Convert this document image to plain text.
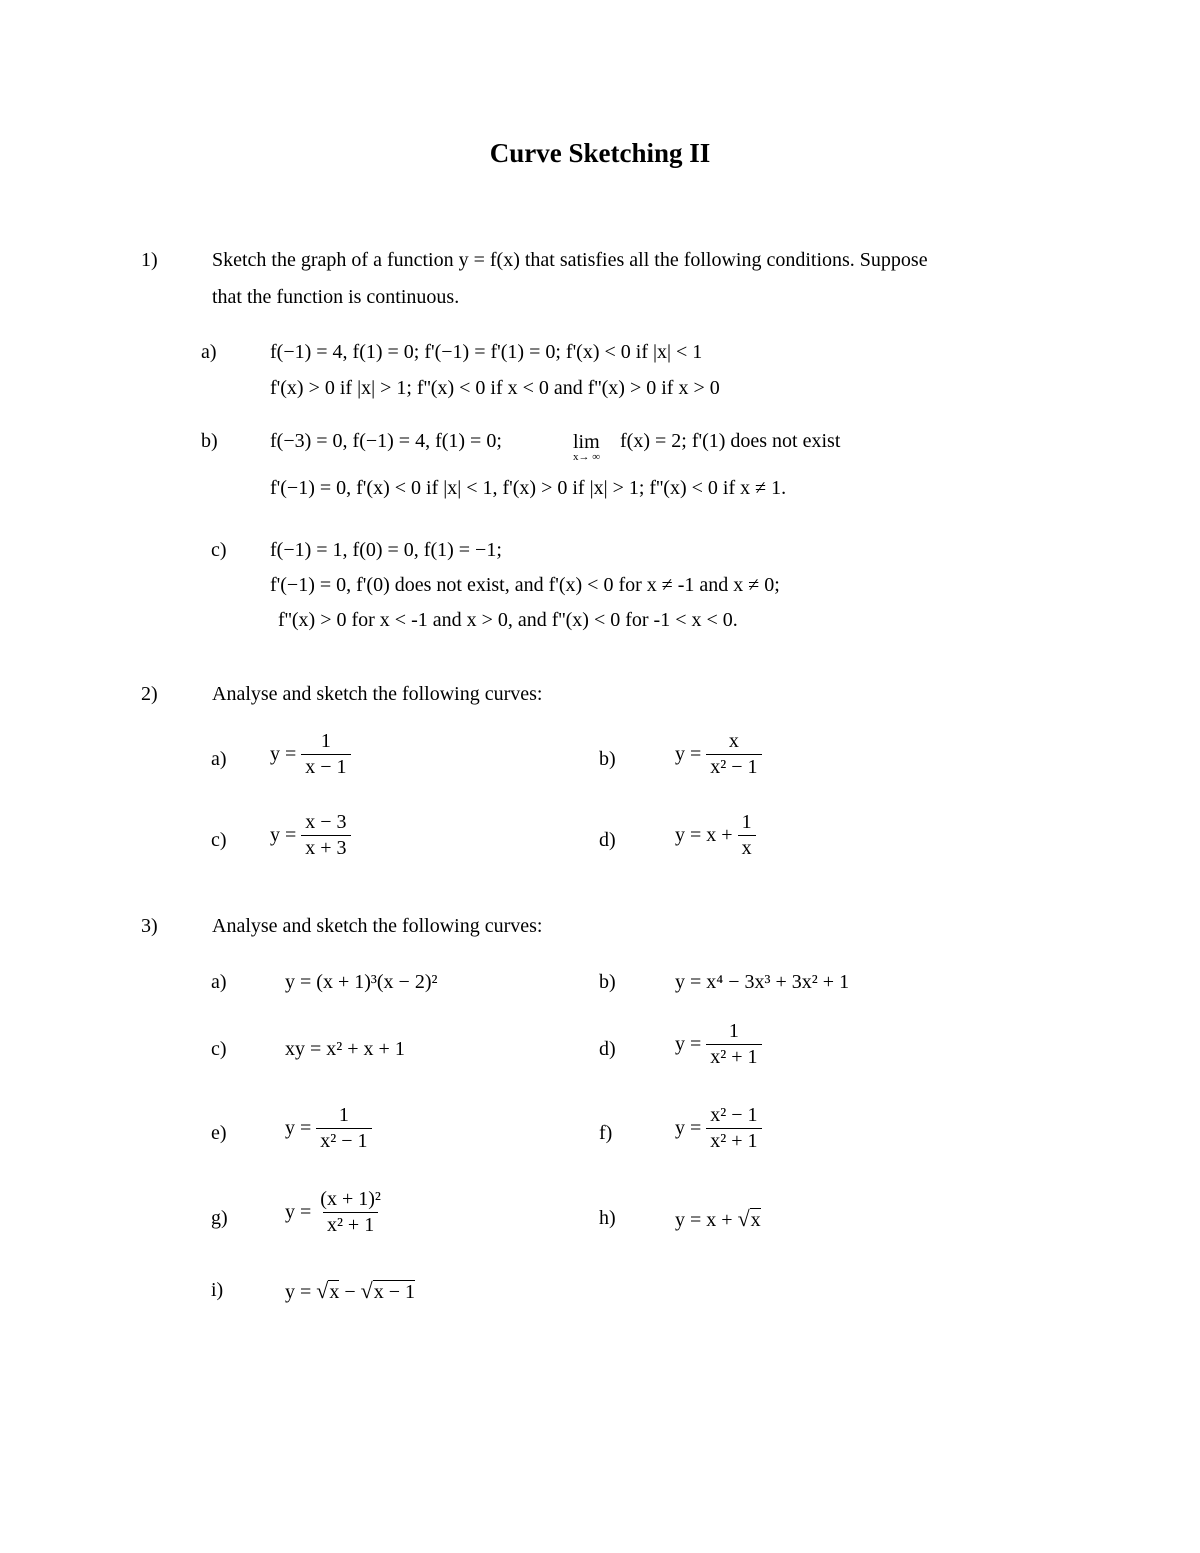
Curve Sketching II
1)	Sketch the graph of a function y = f(x) that satisfies all the following conditions. Suppose
that the function is continuous.
a)	f(−1) = 4, f(1) = 0; f'(−1) = f'(1) = 0; f'(x) < 0 if |x| < 1
f'(x) > 0 if |x| > 1; f''(x) < 0 if x < 0 and f''(x) > 0 if x > 0
b)	f(−3) = 0, f(−1) = 4, f(1) = 0;	lim
x→ ∞
f(x) = 2; f'(1) does not exist
f'(−1) = 0, f'(x) < 0 if |x| < 1, f'(x) > 0 if |x| > 1; f''(x) < 0 if x ≠ 1.
c) f(−1) = 1, f(0) = 0, f(1) = −1;
f'(−1) = 0, f'(0) does not exist, and f'(x) < 0 for x ≠ -1 and x ≠ 0;
f''(x) > 0 for x < -1 and x > 0, and f''(x) < 0 for -1 < x < 0.
2)	Analyse and sketch the following curves:
a) $y = \frac{1}{x - 1}$	b)	$y = \frac{x}{\text{x² − 1}}$
c) $y = \frac{x - 3}{x + 3}$	d)	$y = x + \frac{1}{x}$
3)	Analyse and sketch the following curves:
a)	y = (x + 1)³(x − 2)²	b)	y = x⁴ − 3x³ + 3x² + 1
c)	xy = x² + x + 1	d)	$y = \frac{1}{\text{x² + 1}}$
e)	$y = \frac{1}{\text{x² − 1}}$	f)	$y = \frac{\text{x² − 1}}{\text{x² + 1}}$
g)	$y = \frac{\text{(x + 1)²}}{\text{x² + 1}}$	h)	y = x + √x
i)	y = √x − √x − 1
